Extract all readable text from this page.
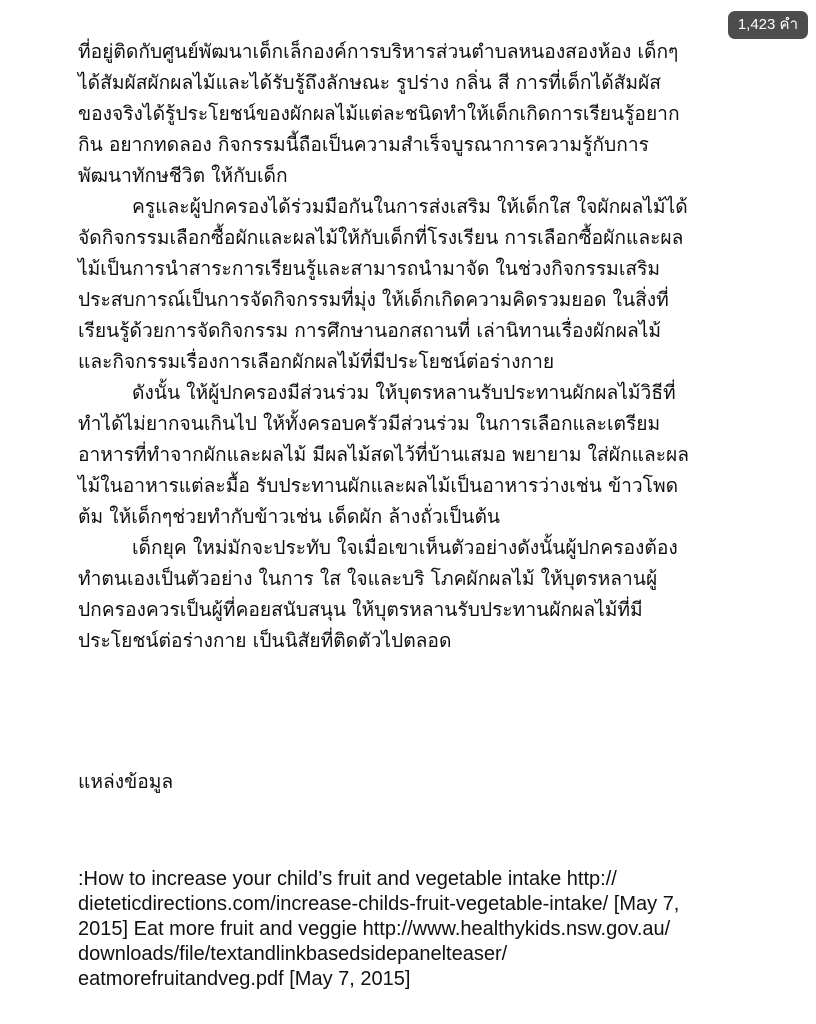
1,423 คำ
ที่อยู่ติดกับศูนย์พัฒนาเด็กเล็กองค์การบริหารส่วนตำบลหนองสองห้อง เด็กๆ
ได้สัมผัสผักผลไม้และได้รับรู้ถึงลักษณะ รูปร่าง กลิ่น สี การที่เด็กได้สัมผัส
ของจริงได้รู้ประโยชน์ของผักผลไม้แต่ละชนิดทำให้เด็กเกิดการเรียนรู้อยาก
กิน อยากทดลอง กิจกรรมนี้ถือเป็นความสำเร็จบูรณาการความรู้กับการ
พัฒนาทักษชีวิต ให้กับเด็ก
ครูและผู้ปกครองได้ร่วมมือกันในการส่งเสริม ให้เด็กใส ใจผักผลไม้ได้
จัดกิจกรรมเลือกซื้อผักและผลไม้ให้กับเด็กที่โรงเรียน การเลือกซื้อผักและผล
ไม้เป็นการนำสาระการเรียนรู้และสามารถนำมาจัด ในช่วงกิจกรรมเสริม
ประสบการณ์เป็นการจัดกิจกรรมที่มุ่ง ให้เด็กเกิดความคิดรวมยอด ในสิ่งที่
เรียนรู้ด้วยการจัดกิจกรรม การศึกษานอกสถานที่ เล่านิทานเรื่องผักผลไม้
และกิจกรรมเรื่องการเลือกผักผลไม้ที่มีประโยชน์ต่อร่างกาย
ดังนั้น ให้ผู้ปกครองมีส่วนร่วม ให้บุตรหลานรับประทานผักผลไม้วิธีที่
ทำได้ไม่ยากจนเกินไป ให้ทั้งครอบครัวมีส่วนร่วม ในการเลือกและเตรียม
อาหารที่ทำจากผักและผลไม้ มีผลไม้สดไว้ที่บ้านเสมอ พยายาม ใส่ผักและผล
ไม้ในอาหารแต่ละมื้อ รับประทานผักและผลไม้เป็นอาหารว่างเช่น ข้าวโพด
ต้ม ให้เด็กๆช่วยทำกับข้าวเช่น เด็ดผัก ล้างถั่วเป็นต้น
เด็กยุค ใหม่มักจะประทับ ใจเมื่อเขาเห็นตัวอย่างดังนั้นผู้ปกครองต้อง
ทำตนเองเป็นตัวอย่าง ในการ ใส ใจและบริ โภคผักผลไม้ ให้บุตรหลานผู้
ปกครองควรเป็นผู้ที่คอยสนับสนุน ให้บุตรหลานรับประทานผักผลไม้ที่มี
ประโยชน์ต่อร่างกาย เป็นนิสัยที่ติดตัวไปตลอด
แหล่งข้อมูล
:How to increase your child’s fruit and vegetable intake http://
dieteticdirections.com/increase-childs-fruit-vegetable-intake/ [May 7,
2015] Eat more fruit and veggie http://www.healthykids.nsw.gov.au/
downloads/file/textandlinkbasedsidepanelteaser/
eatmorefruitandveg.pdf [May 7, 2015]
